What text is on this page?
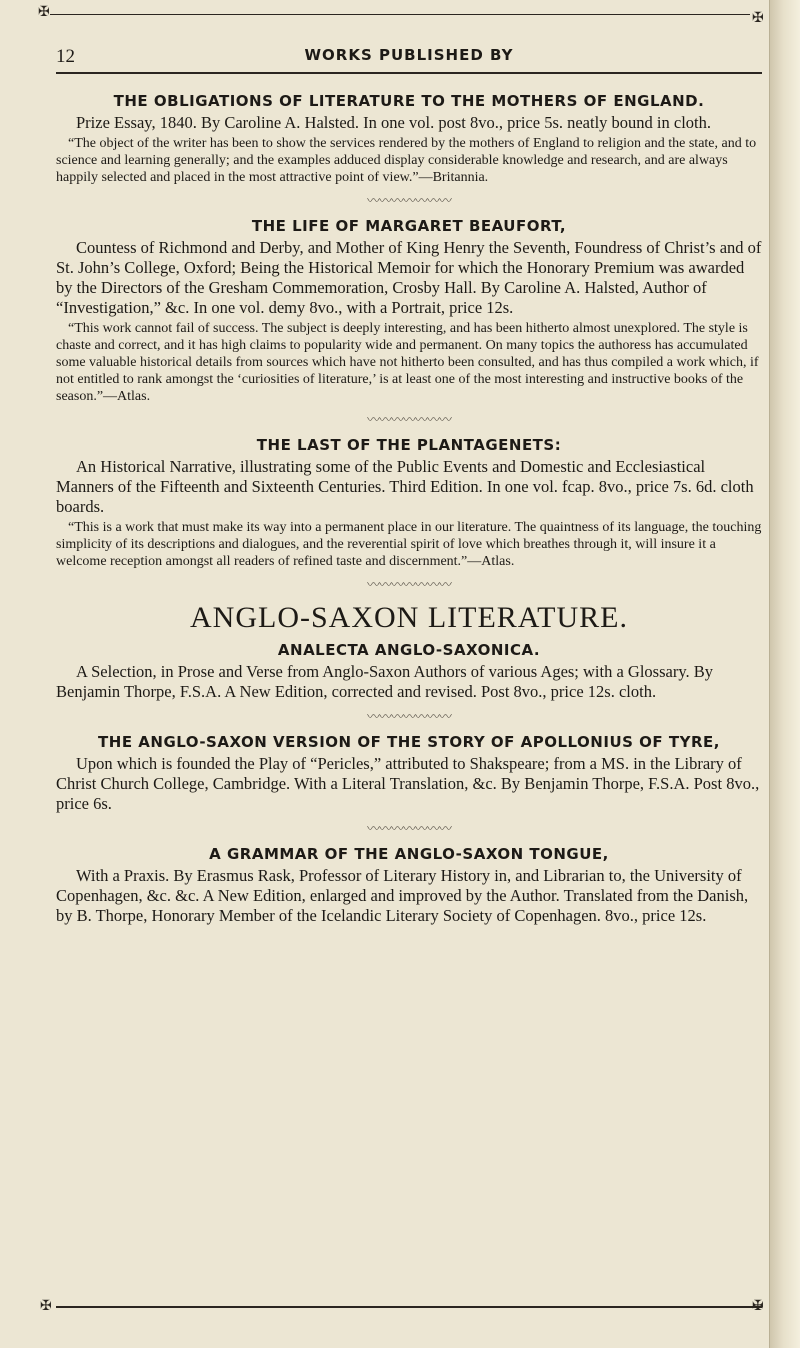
✠	✠
12	WORKS PUBLISHED BY

THE OBLIGATIONS OF LITERATURE TO THE MOTHERS OF ENGLAND.

Prize Essay, 1840. By Caroline A. Halsted. In one vol. post 8vo., price 5s. neatly bound in cloth.

“The object of the writer has been to show the services rendered by the mothers of England to religion and the state, and to science and learning generally; and the examples adduced display considerable knowledge and research, and are always happily selected and placed in the most attractive point of view.”—Britannia.

〰〰〰〰〰〰〰

THE LIFE OF MARGARET BEAUFORT,

Countess of Richmond and Derby, and Mother of King Henry the Seventh, Foundress of Christ’s and of St. John’s College, Oxford; Being the Historical Memoir for which the Honorary Premium was awarded by the Directors of the Gresham Commemoration, Crosby Hall. By Caroline A. Halsted, Author of “Investigation,” &c. In one vol. demy 8vo., with a Portrait, price 12s.

“This work cannot fail of success. The subject is deeply interesting, and has been hitherto almost unexplored. The style is chaste and correct, and it has high claims to popularity wide and permanent. On many topics the authoress has accumulated some valuable historical details from sources which have not hitherto been consulted, and has thus compiled a work which, if not entitled to rank amongst the ‘curiosities of literature,’ is at least one of the most interesting and instructive books of the season.”—Atlas.

〰〰〰〰〰〰〰

THE LAST OF THE PLANTAGENETS:

An Historical Narrative, illustrating some of the Public Events and Domestic and Ecclesiastical Manners of the Fifteenth and Sixteenth Centuries. Third Edition. In one vol. fcap. 8vo., price 7s. 6d. cloth boards.

“This is a work that must make its way into a permanent place in our literature. The quaintness of its language, the touching simplicity of its descriptions and dialogues, and the reverential spirit of love which breathes through it, will insure it a welcome reception amongst all readers of refined taste and discernment.”—Atlas.

〰〰〰〰〰〰〰
ANGLO-SAXON LITERATURE.

ANALECTA ANGLO-SAXONICA.

A Selection, in Prose and Verse from Anglo-Saxon Authors of various Ages; with a Glossary. By Benjamin Thorpe, F.S.A. A New Edition, corrected and revised. Post 8vo., price 12s. cloth.

〰〰〰〰〰〰〰

THE ANGLO-SAXON VERSION OF THE STORY OF APOLLONIUS OF TYRE,

Upon which is founded the Play of “Pericles,” attributed to Shakspeare; from a MS. in the Library of Christ Church College, Cambridge. With a Literal Translation, &c. By Benjamin Thorpe, F.S.A. Post 8vo., price 6s.

〰〰〰〰〰〰〰

A GRAMMAR OF THE ANGLO-SAXON TONGUE,

With a Praxis. By Erasmus Rask, Professor of Literary History in, and Librarian to, the University of Copenhagen, &c. &c. A New Edition, enlarged and improved by the Author. Translated from the Danish, by B. Thorpe, Honorary Member of the Icelandic Literary Society of Copenhagen. 8vo., price 12s.

✠	✠
